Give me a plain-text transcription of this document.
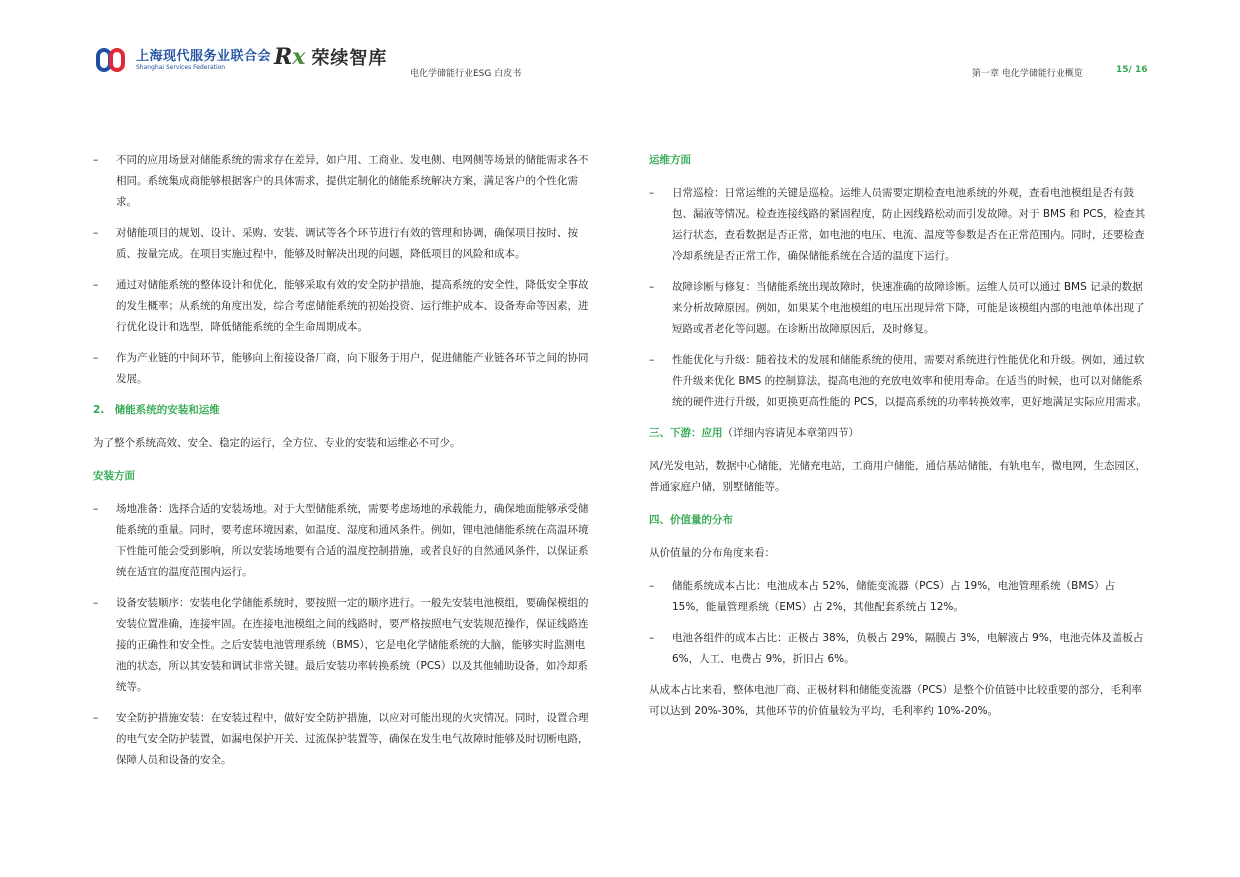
上海现代服务业联合会
Shanghai Services Federation	Rx 荣续智库
电化学储能行业ESG 白皮书	第一章 电化学储能行业概览	15/ 16
– 不同的应用场景对储能系统的需求存在差异，如户用、工商业、发电侧、电网侧等场景的储能需求各不相同。系统集成商能够根据客户的具体需求，提供定制化的储能系统解决方案，满足客户的个性化需求。
– 对储能项目的规划、设计、采购、安装、调试等各个环节进行有效的管理和协调，确保项目按时、按质、按量完成。在项目实施过程中，能够及时解决出现的问题，降低项目的风险和成本。
– 通过对储能系统的整体设计和优化，能够采取有效的安全防护措施，提高系统的安全性，降低安全事故的发生概率；从系统的角度出发，综合考虑储能系统的初始投资、运行维护成本、设备寿命等因素，进行优化设计和选型，降低储能系统的全生命周期成本。
– 作为产业链的中间环节，能够向上衔接设备厂商，向下服务于用户，促进储能产业链各环节之间的协同发展。
2.　储能系统的安装和运维
为了整个系统高效、安全、稳定的运行，全方位、专业的安装和运维必不可少。
安装方面
– 场地准备：选择合适的安装场地。对于大型储能系统，需要考虑场地的承载能力，确保地面能够承受储能系统的重量。同时，要考虑环境因素，如温度、湿度和通风条件。例如，锂电池储能系统在高温环境下性能可能会受到影响，所以安装场地要有合适的温度控制措施，或者良好的自然通风条件，以保证系统在适宜的温度范围内运行。
– 设备安装顺序：安装电化学储能系统时，要按照一定的顺序进行。一般先安装电池模组，要确保模组的安装位置准确，连接牢固。在连接电池模组之间的线路时，要严格按照电气安装规范操作，保证线路连接的正确性和安全性。之后安装电池管理系统（BMS），它是电化学储能系统的大脑，能够实时监测电池的状态，所以其安装和调试非常关键。最后安装功率转换系统（PCS）以及其他辅助设备，如冷却系统等。
– 安全防护措施安装：在安装过程中，做好安全防护措施，以应对可能出现的火灾情况。同时，设置合理的电气安全防护装置，如漏电保护开关、过流保护装置等，确保在发生电气故障时能够及时切断电路，保障人员和设备的安全。
运维方面
– 日常巡检：日常运维的关键是巡检。运维人员需要定期检查电池系统的外观，查看电池模组是否有鼓包、漏液等情况。检查连接线路的紧固程度，防止因线路松动而引发故障。对于 BMS 和 PCS，检查其运行状态，查看数据是否正常，如电池的电压、电流、温度等参数是否在正常范围内。同时，还要检查冷却系统是否正常工作，确保储能系统在合适的温度下运行。
– 故障诊断与修复：当储能系统出现故障时，快速准确的故障诊断。运维人员可以通过 BMS 记录的数据来分析故障原因。例如，如果某个电池模组的电压出现异常下降，可能是该模组内部的电池单体出现了短路或者老化等问题。在诊断出故障原因后，及时修复。
– 性能优化与升级：随着技术的发展和储能系统的使用，需要对系统进行性能优化和升级。例如，通过软件升级来优化 BMS 的控制算法，提高电池的充放电效率和使用寿命。在适当的时候，也可以对储能系统的硬件进行升级，如更换更高性能的 PCS，以提高系统的功率转换效率，更好地满足实际应用需求。
三、下游：应用（详细内容请见本章第四节）
风/光发电站，数据中心储能，光储充电站，工商用户储能，通信基站储能，有轨电车，微电网，生态园区，普通家庭户储，别墅储能等。
四、价值量的分布
从价值量的分布角度来看：
– 储能系统成本占比：电池成本占 52%，储能变流器（PCS）占 19%，电池管理系统（BMS）占 15%，能量管理系统（EMS）占 2%，其他配套系统占 12%。
– 电池各组件的成本占比：正极占 38%，负极占 29%，隔膜占 3%，电解液占 9%，电池壳体及盖板占 6%，人工、电费占 9%，折旧占 6%。
从成本占比来看，整体电池厂商、正极材料和储能变流器（PCS）是整个价值链中比较重要的部分，毛利率可以达到 20%-30%，其他环节的价值量较为平均，毛利率约 10%-20%。
